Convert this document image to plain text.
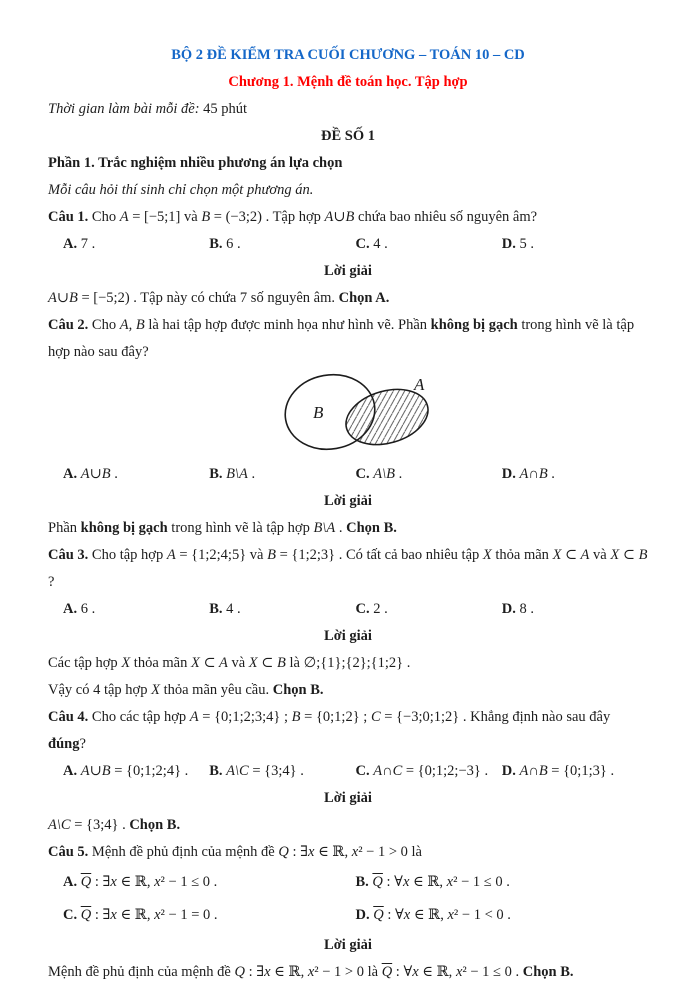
BỘ 2 ĐỀ KIỂM TRA CUỐI CHƯƠNG – TOÁN 10 – CD

Chương 1. Mệnh đề toán học. Tập hợp

Thời gian làm bài mỗi đề: 45 phút

ĐỀ SỐ 1

Phần 1. Trắc nghiệm nhiều phương án lựa chọn

Mỗi câu hỏi thí sinh chỉ chọn một phương án.

Câu 1. Cho A = [−5;1] và B = (−3;2) . Tập hợp A∪B chứa bao nhiêu số nguyên âm?

A. 7 .	B. 6 .	C. 4 .	D. 5 .

Lời giải

A∪B = [−5;2) . Tập này có chứa 7 số nguyên âm. Chọn A.

Câu 2. Cho A, B là hai tập hợp được minh họa như hình vẽ. Phần không bị gạch trong hình vẽ là tập hợp nào sau đây?

A
B
A. A∪B .	B. B\A .	C. A\B .	D. A∩B .

Lời giải

Phần không bị gạch trong hình vẽ là tập hợp B\A . Chọn B.

Câu 3. Cho tập hợp A = {1;2;4;5} và B = {1;2;3} . Có tất cả bao nhiêu tập X thỏa mãn X ⊂ A và X ⊂ B ?

A. 6 .	B. 4 .	C. 2 .	D. 8 .

Lời giải

Các tập hợp X thỏa mãn X ⊂ A và X ⊂ B là ∅;{1};{2};{1;2} .

Vậy có 4 tập hợp X thỏa mãn yêu cầu. Chọn B.

Câu 4. Cho các tập hợp A = {0;1;2;3;4} ; B = {0;1;2} ; C = {−3;0;1;2} . Khẳng định nào sau đây đúng?

A. A∪B = {0;1;2;4} .	B. A\C = {3;4} .	C. A∩C = {0;1;2;−3} . D. A∩B = {0;1;3} .

Lời giải

A\C = {3;4} . Chọn B.

Câu 5. Mệnh đề phủ định của mệnh đề Q : ∃x ∈ ℝ, x² − 1 > 0 là

A. $\overline{Q}$ : ∃x ∈ ℝ, x² − 1 ≤ 0 .	B. $\overline{Q}$ : ∀x ∈ ℝ, x² − 1 ≤ 0 .
C. $\overline{Q}$ : ∃x ∈ ℝ, x² − 1 = 0 .	D. $\overline{Q}$ : ∀x ∈ ℝ, x² − 1 < 0 .

Lời giải

Mệnh đề phủ định của mệnh đề Q : ∃x ∈ ℝ, x² − 1 > 0 là $\overline{Q}$ : ∀x ∈ ℝ, x² − 1 ≤ 0 . Chọn B.
